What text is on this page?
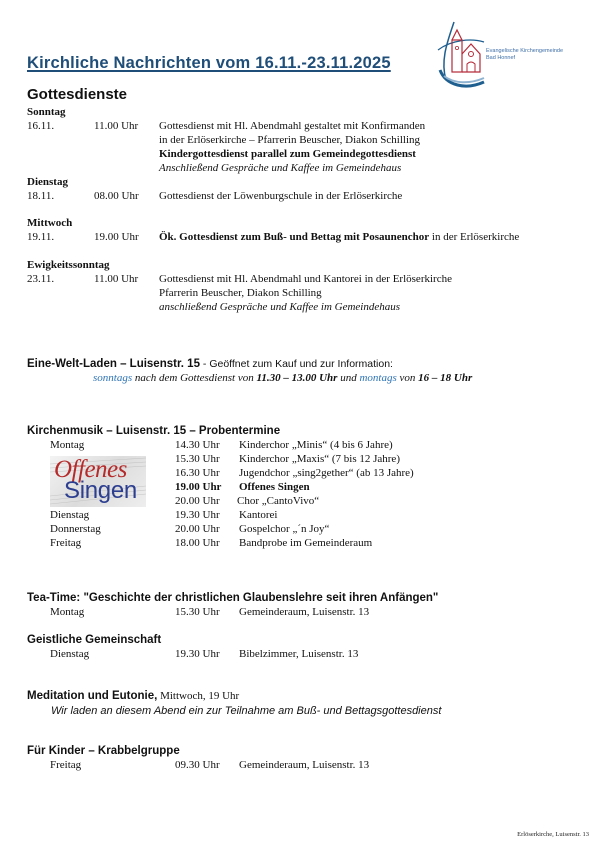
Kirchliche Nachrichten vom 16.11.-23.11.2025
Evangelische Kirchengemeinde
Bad Honnef
Gottesdienste
Sonntag
16.11.	11.00 Uhr Gottesdienst mit Hl. Abendmahl gestaltet mit Konfirmanden
in der Erlöserkirche – Pfarrerin Beuscher, Diakon Schilling
Kindergottesdienst parallel zum Gemeindegottesdienst
Anschließend Gespräche und Kaffee im Gemeindehaus
Dienstag
18.11.	08.00 Uhr Gottesdienst der Löwenburgschule in der Erlöserkirche
Mittwoch
19.11.	19.00 Uhr Ök. Gottesdienst zum Buß- und Bettag mit Posaunenchor in der Erlöserkirche
Ewigkeitssonntag
23.11.	11.00 Uhr Gottesdienst mit Hl. Abendmahl und Kantorei in der Erlöserkirche
Pfarrerin Beuscher, Diakon Schilling
anschließend Gespräche und Kaffee im Gemeindehaus
Eine-Welt-Laden – Luisenstr. 15 - Geöffnet zum Kauf und zur Information:
sonntags nach dem Gottesdienst von 11.30 – 13.00 Uhr und montags von 16 – 18 Uhr
Kirchenmusik – Luisenstr. 15 – Probentermine
Offenes
Singen
Montag	14.30 Uhr Kinderchor „Minis“ (4 bis 6 Jahre)
15.30 Uhr Kinderchor „Maxis“ (7 bis 12 Jahre)
16.30 Uhr Jugendchor „sing2gether“ (ab 13 Jahre)
19.00 Uhr Offenes Singen
20.00 Uhr Chor „CantoVivo“
Dienstag	19.30 Uhr Kantorei
Donnerstag	20.00 Uhr Gospelchor „´n Joy“
Freitag	18.00 Uhr Bandprobe im Gemeinderaum
Tea-Time: "Geschichte der christlichen Glaubenslehre seit ihren Anfängen"
Montag	15.30 Uhr Gemeinderaum, Luisenstr. 13
Geistliche Gemeinschaft
Dienstag	19.30 Uhr Bibelzimmer, Luisenstr. 13
Meditation und Eutonie, Mittwoch, 19 Uhr
Wir laden an diesem Abend ein zur Teilnahme am Buß- und Bettagsgottesdienst
Für Kinder – Krabbelgruppe
Freitag	09.30 Uhr Gemeinderaum, Luisenstr. 13
Erlöserkirche, Luisenstr. 13
